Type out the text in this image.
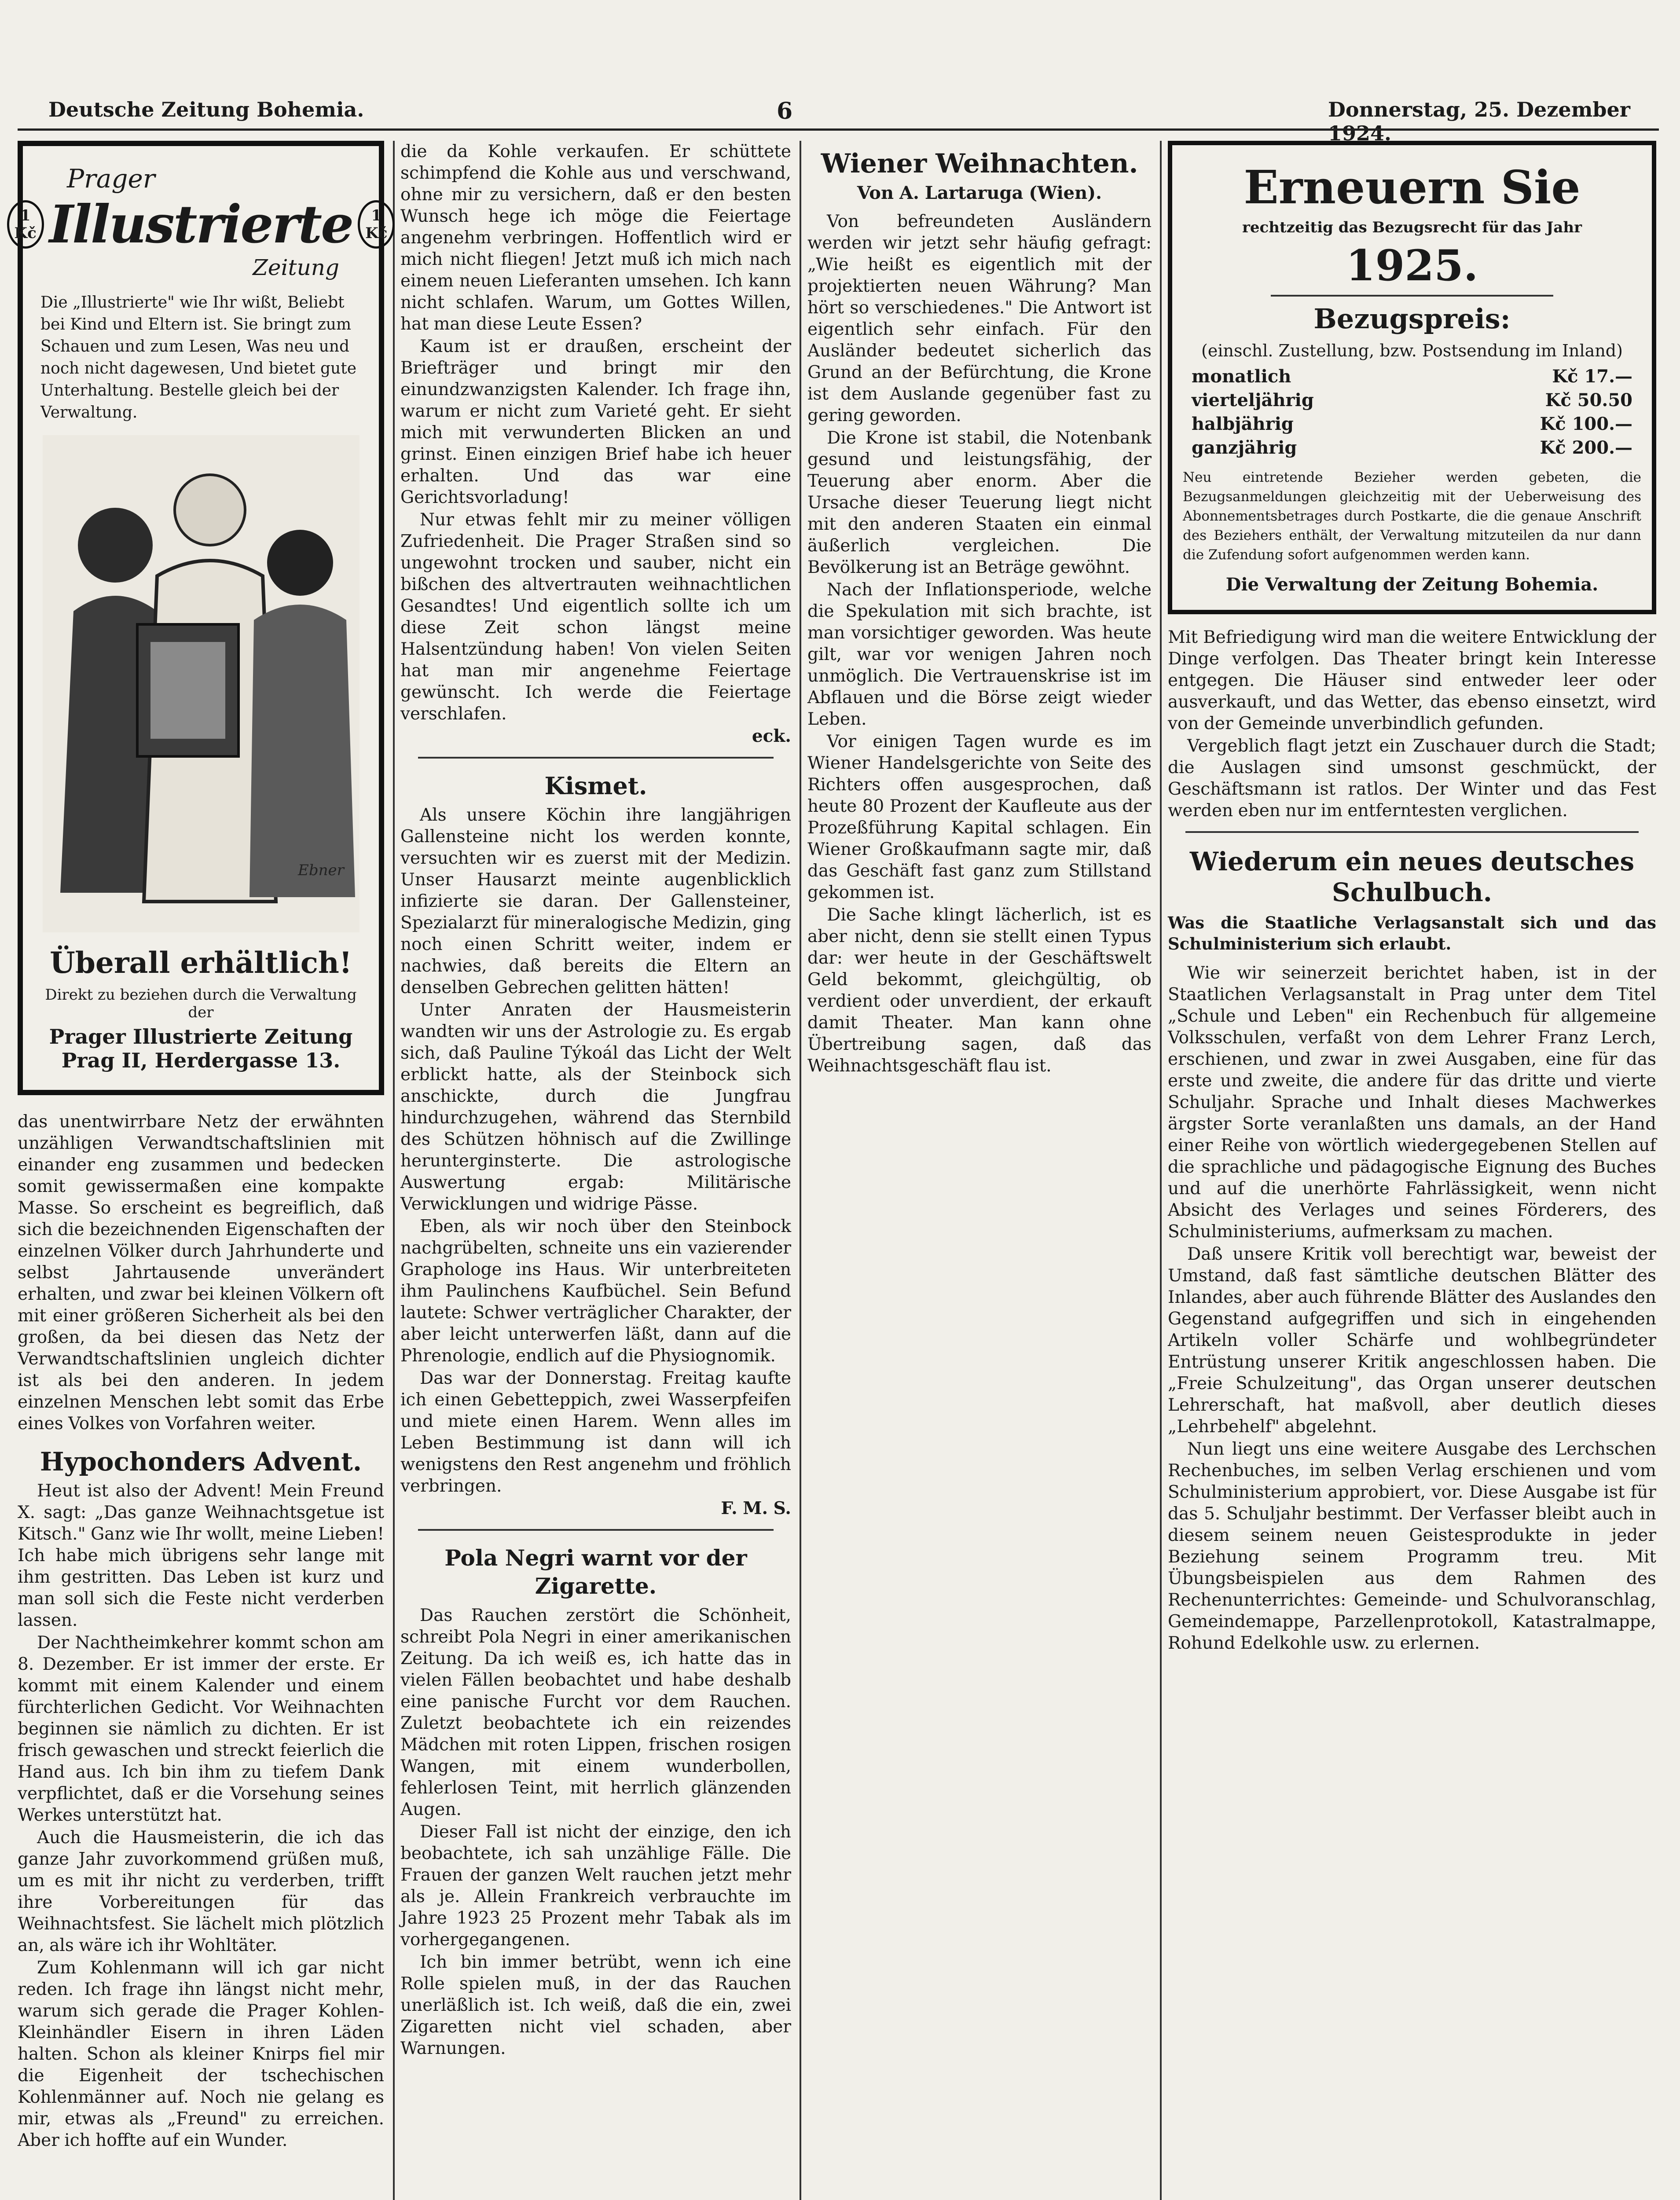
Deutsche Zeitung Bohemia.	6	Donnerstag, 25. Dezember 1924.
Prager
1 Kč Illustrierte	1 Kč
Zeitung
Die „Illustrierte" wie Ihr wißt, Beliebt bei Kind und Eltern ist. Sie bringt zum Schauen und zum Lesen, Was neu und noch nicht dagewesen, Und bietet gute Unterhaltung. Bestelle gleich bei der Verwaltung.
Ebner
Überall erhältlich!
Direkt zu beziehen durch die Verwaltung der
Prager Illustrierte Zeitung
Prag II, Herdergasse 13.

das unentwirrbare Netz der erwähnten unzähligen Verwandtschaftslinien mit einander eng zusammen und bedecken somit gewissermaßen eine kompakte Masse. So erscheint es begreiflich, daß sich die bezeichnenden Eigenschaften der einzelnen Völker durch Jahrhunderte und selbst Jahrtausende unverändert erhalten, und zwar bei kleinen Völkern oft mit einer größeren Sicherheit als bei den großen, da bei diesen das Netz der Verwandtschaftslinien ungleich dichter ist als bei den anderen. In jedem einzelnen Menschen lebt somit das Erbe eines Volkes von Vorfahren weiter.

Hypochonders Advent.

Heut ist also der Advent! Mein Freund X. sagt: „Das ganze Weihnachtsgetue ist Kitsch." Ganz wie Ihr wollt, meine Lieben! Ich habe mich übrigens sehr lange mit ihm gestritten. Das Leben ist kurz und man soll sich die Feste nicht verderben lassen.

Der Nachtheimkehrer kommt schon am 8. Dezember. Er ist immer der erste. Er kommt mit einem Kalender und einem fürchterlichen Gedicht. Vor Weihnachten beginnen sie nämlich zu dichten. Er ist frisch gewaschen und streckt feierlich die Hand aus. Ich bin ihm zu tiefem Dank verpflichtet, daß er die Vorsehung seines Werkes unterstützt hat.

Auch die Hausmeisterin, die ich das ganze Jahr zuvorkommend grüßen muß, um es mit ihr nicht zu verderben, trifft ihre Vorbereitungen für das Weihnachtsfest. Sie lächelt mich plötzlich an, als wäre ich ihr Wohltäter.

Zum Kohlenmann will ich gar nicht reden. Ich frage ihn längst nicht mehr, warum sich gerade die Prager Kohlen-Kleinhändler Eisern in ihren Läden halten. Schon als kleiner Knirps fiel mir die Eigenheit der tschechischen Kohlenmänner auf. Noch nie gelang es mir, etwas als „Freund" zu erreichen. Aber ich hoffte auf ein Wunder.

die da Kohle verkaufen. Er schüttete schimpfend die Kohle aus und verschwand, ohne mir zu versichern, daß er den besten Wunsch hege ich möge die Feiertage angenehm verbringen. Hoffentlich wird er mich nicht fliegen! Jetzt muß ich mich nach einem neuen Lieferanten umsehen. Ich kann nicht schlafen. Warum, um Gottes Willen, hat man diese Leute Essen?

Kaum ist er draußen, erscheint der Briefträger und bringt mir den einundzwanzigsten Kalender. Ich frage ihn, warum er nicht zum Varieté geht. Er sieht mich mit verwunderten Blicken an und grinst. Einen einzigen Brief habe ich heuer erhalten. Und das war eine Gerichtsvorladung!

Nur etwas fehlt mir zu meiner völligen Zufriedenheit. Die Prager Straßen sind so ungewohnt trocken und sauber, nicht ein bißchen des altvertrauten weihnachtlichen Gesandtes! Und eigentlich sollte ich um diese Zeit schon längst meine Halsentzündung haben! Von vielen Seiten hat man mir angenehme Feiertage gewünscht. Ich werde die Feiertage verschlafen.

eck.
Kismet.

Als unsere Köchin ihre langjährigen Gallensteine nicht los werden konnte, versuchten wir es zuerst mit der Medizin. Unser Hausarzt meinte augenblicklich infizierte sie daran. Der Gallensteiner, Spezialarzt für mineralogische Medizin, ging noch einen Schritt weiter, indem er nachwies, daß bereits die Eltern an denselben Gebrechen gelitten hätten!

Unter Anraten der Hausmeisterin wandten wir uns der Astrologie zu. Es ergab sich, daß Pauline Týkoál das Licht der Welt erblickt hatte, als der Steinbock sich anschickte, durch die Jungfrau hindurchzugehen, während das Sternbild des Schützen höhnisch auf die Zwillinge herunterginsterte. Die astrologische Auswertung ergab: Militärische Verwicklungen und widrige Pässe.

Eben, als wir noch über den Steinbock nachgrübelten, schneite uns ein vazierender Graphologe ins Haus. Wir unterbreiteten ihm Paulinchens Kaufbüchel. Sein Befund lautete: Schwer verträglicher Charakter, der aber leicht unterwerfen läßt, dann auf die Phrenologie, endlich auf die Physiognomik.

Das war der Donnerstag. Freitag kaufte ich einen Gebetteppich, zwei Wasserpfeifen und miete einen Harem. Wenn alles im Leben Bestimmung ist dann will ich wenigstens den Rest angenehm und fröhlich verbringen.

F. M. S.
Pola Negri warnt vor der Zigarette.

Das Rauchen zerstört die Schönheit, schreibt Pola Negri in einer amerikanischen Zeitung. Da ich weiß es, ich hatte das in vielen Fällen beobachtet und habe deshalb eine panische Furcht vor dem Rauchen. Zuletzt beobachtete ich ein reizendes Mädchen mit roten Lippen, frischen rosigen Wangen, mit einem wunderbollen, fehlerlosen Teint, mit herrlich glänzenden Augen.

Dieser Fall ist nicht der einzige, den ich beobachtete, ich sah unzählige Fälle. Die Frauen der ganzen Welt rauchen jetzt mehr als je. Allein Frankreich verbrauchte im Jahre 1923 25 Prozent mehr Tabak als im vorhergegangenen.

Ich bin immer betrübt, wenn ich eine Rolle spielen muß, in der das Rauchen unerläßlich ist. Ich weiß, daß die ein, zwei Zigaretten nicht viel schaden, aber Warnungen.

Wiener Weihnachten.
Von A. Lartaruga (Wien).

Von befreundeten Ausländern werden wir jetzt sehr häufig gefragt: „Wie heißt es eigentlich mit der projektierten neuen Währung? Man hört so verschiedenes." Die Antwort ist eigentlich sehr einfach. Für den Ausländer bedeutet sicherlich das Grund an der Befürchtung, die Krone ist dem Auslande gegenüber fast zu gering geworden.

Die Krone ist stabil, die Notenbank gesund und leistungsfähig, der Teuerung aber enorm. Aber die Ursache dieser Teuerung liegt nicht mit den anderen Staaten ein einmal äußerlich vergleichen. Die Bevölkerung ist an Beträge gewöhnt.

Nach der Inflationsperiode, welche die Spekulation mit sich brachte, ist man vorsichtiger geworden. Was heute gilt, war vor wenigen Jahren noch unmöglich. Die Vertrauenskrise ist im Abflauen und die Börse zeigt wieder Leben.

Vor einigen Tagen wurde es im Wiener Handelsgerichte von Seite des Richters offen ausgesprochen, daß heute 80 Prozent der Kaufleute aus der Prozeßführung Kapital schlagen. Ein Wiener Großkaufmann sagte mir, daß das Geschäft fast ganz zum Stillstand gekommen ist.

Die Sache klingt lächerlich, ist es aber nicht, denn sie stellt einen Typus dar: wer heute in der Geschäftswelt Geld bekommt, gleichgültig, ob verdient oder unverdient, der erkauft damit Theater. Man kann ohne Übertreibung sagen, daß das Weihnachtsgeschäft flau ist.

Erneuern Sie
rechtzeitig das Bezugsrecht für das Jahr
1925.
Bezugspreis:
(einschl. Zustellung, bzw. Postsendung im Inland)
monatlich	Kč 17.—
vierteljährig	Kč 50.50
halbjährig	Kč 100.—
ganzjährig	Kč 200.—
Neu eintretende Bezieher werden gebeten, die Bezugsanmeldungen gleichzeitig mit der Ueberweisung des Abonnementsbetrages durch Postkarte, die die genaue Anschrift des Beziehers enthält, der Verwaltung mitzuteilen da nur dann die Zufendung sofort aufgenommen werden kann.
Die Verwaltung der Zeitung Bohemia.

Mit Befriedigung wird man die weitere Entwicklung der Dinge verfolgen. Das Theater bringt kein Interesse entgegen. Die Häuser sind entweder leer oder ausverkauft, und das Wetter, das ebenso einsetzt, wird von der Gemeinde unverbindlich gefunden.

Vergeblich flagt jetzt ein Zuschauer durch die Stadt; die Auslagen sind umsonst geschmückt, der Geschäftsmann ist ratlos. Der Winter und das Fest werden eben nur im entferntesten verglichen.

Wiederum ein neues deutsches Schulbuch.
Was die Staatliche Verlagsanstalt sich und das Schulministerium sich erlaubt.

Wie wir seinerzeit berichtet haben, ist in der Staatlichen Verlagsanstalt in Prag unter dem Titel „Schule und Leben" ein Rechenbuch für allgemeine Volksschulen, verfaßt von dem Lehrer Franz Lerch, erschienen, und zwar in zwei Ausgaben, eine für das erste und zweite, die andere für das dritte und vierte Schuljahr. Sprache und Inhalt dieses Machwerkes ärgster Sorte veranlaßten uns damals, an der Hand einer Reihe von wörtlich wiedergegebenen Stellen auf die sprachliche und pädagogische Eignung des Buches und auf die unerhörte Fahrlässigkeit, wenn nicht Absicht des Verlages und seines Förderers, des Schulministeriums, aufmerksam zu machen.

Daß unsere Kritik voll berechtigt war, beweist der Umstand, daß fast sämtliche deutschen Blätter des Inlandes, aber auch führende Blätter des Auslandes den Gegenstand aufgegriffen und sich in eingehenden Artikeln voller Schärfe und wohlbegründeter Entrüstung unserer Kritik angeschlossen haben. Die „Freie Schulzeitung", das Organ unserer deutschen Lehrerschaft, hat maßvoll, aber deutlich dieses „Lehrbehelf" abgelehnt.

Nun liegt uns eine weitere Ausgabe des Lerchschen Rechenbuches, im selben Verlag erschienen und vom Schulministerium approbiert, vor. Diese Ausgabe ist für das 5. Schuljahr bestimmt. Der Verfasser bleibt auch in diesem seinem neuen Geistesprodukte in jeder Beziehung seinem Programm treu. Mit Übungsbeispielen aus dem Rahmen des Rechenunterrichtes: Gemeinde- und Schulvoranschlag, Gemeindemappe, Parzellenprotokoll, Katastralmappe, Rohund Edelkohle usw. zu erlernen.
